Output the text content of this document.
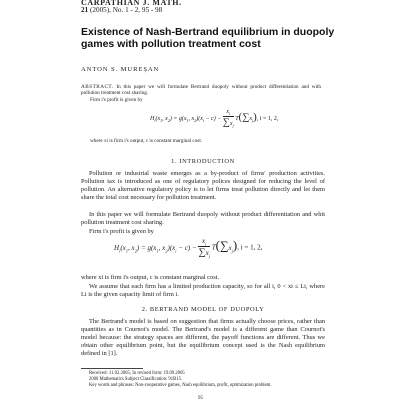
CARPATHIAN J. MATH.
21 (2005), No. 1 - 2, 95 - 98
Existence of Nash-Bertrand equilibrium in duopoly games with pollution treatment cost
ANTON S. MUREȘAN
ABSTRACT. In this paper we will formulate Bertrand duopoly without product differentiation and with pollution treatment cost sharing.
Firm i's profit is given by
$H_i(x_1$, $x_2) = g(x_1$, $x_2)(x_i - c) - \frac{x_i}{\sum x_j} T(\sum x_j)$, i = 1, 2,
where xi is firm i's output, c is constant marginal cost.
1. INTRODUCTION
Pollution or industrial waste emerges as a by-product of firms' production activities. Pollution tax is introduced as one of regulatory polices designed for reducing the level of pollution. An alternative regulatory policy is to let firms treat pollution directly and let them share the total cost necessary for pollution treatment.
In this paper we will formulate Bertrand duopoly without product differentiation and whit pollution treatment cost sharing.
Firm i's profit is given by
$H_i(x_1$, $x_2) = g(x_1$, $x_2)(x_i - c) - \frac{x_i}{\sum x_j} T(\sum x_j)$, i = 1, 2,
where xi is firm i's output, c is constant marginal cost.
We assume that each firm has a limited production capacity, so for all i, 0 < xi ≤ Li, where Li is the given capacity limit of firm i.
2. BERTRAND MODEL OF DUOPOLY
The Bertrand's model is based on suggestion that firms actually choose prices, rather than quantities as in Cournot's model. The Bertrand's model is a different game than Cournot's model because: the strategy spaces are different, the payoff functions are different. Thus we obtain other equilibrium point, but the equilibrium concept used is the Nash equilibrium defined in [1].
Received: 11.02.2005; In revised form: 19.09.2005
2000 Mathematics Subject Classification: 91B15.
Key words and phrases: Non-cooperative games, Nash equilibrium, profit, optimization problem.
95
